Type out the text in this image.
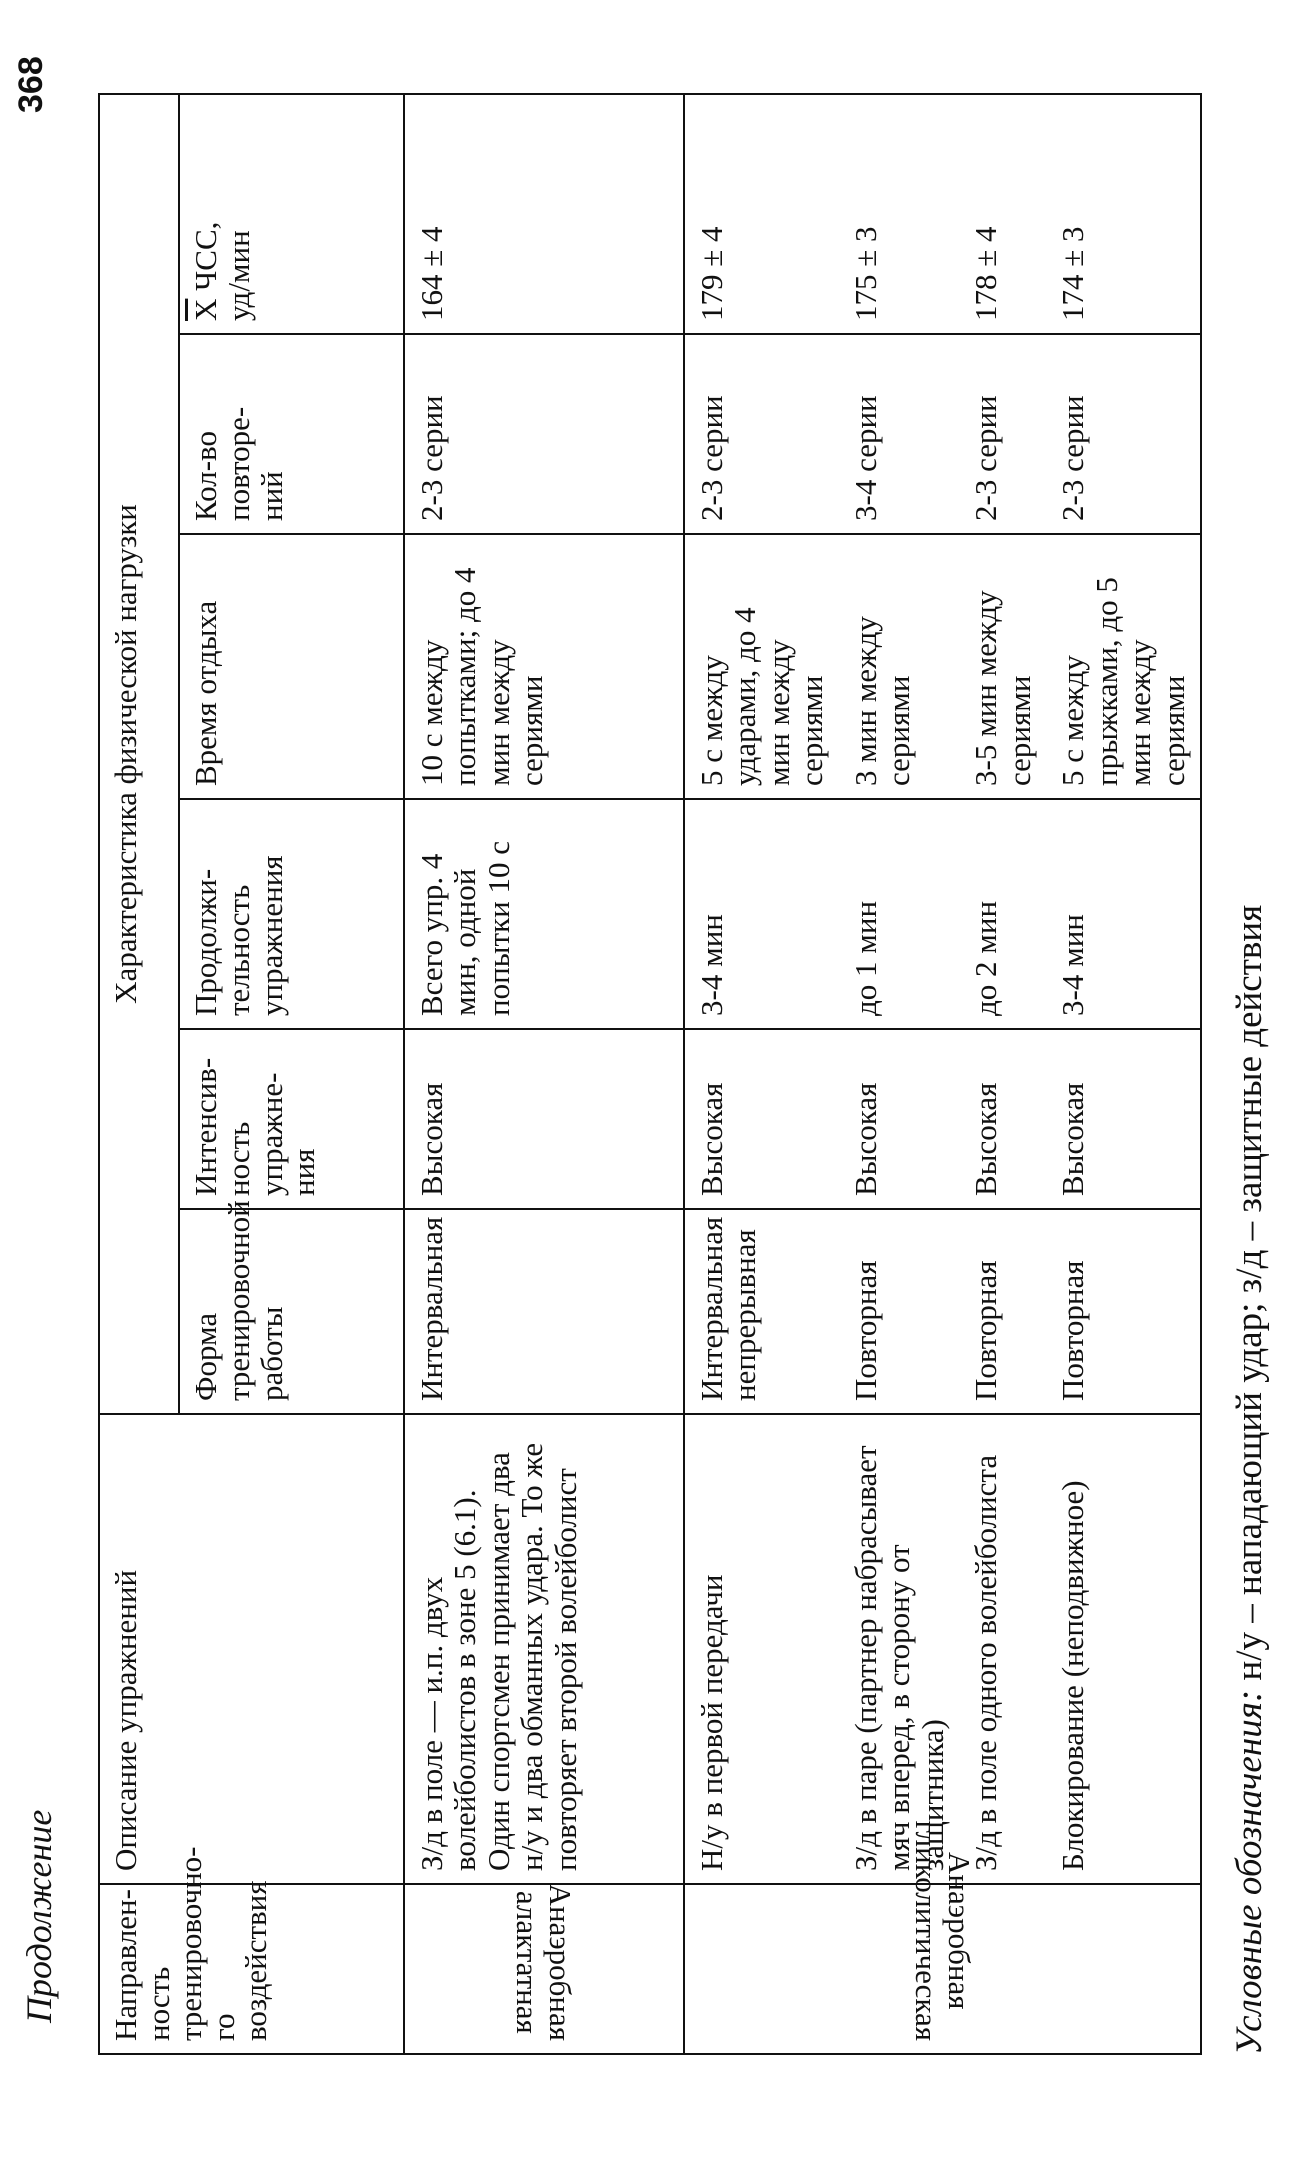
368
Продолжение Направлен-
ность
тренировочно-
го воздействия	Описание упражнений	Характеристика физической нагрузки					
		Форма
тренировочной
работы	Интенсив-
ность
упражне-
ния	Продолжи-
тельность
упражнения	Время отдыха	Кол-во
повторе-
ний	$\overline{X}$ ЧСС,
уд/мин
Анаэробная
алактатная	З/д в поле — и.п. двух волейболистов в зоне 5 (6.1). Один спортсмен принимает два н/у и два обманных удара. То же повторяет второй волейболист	Интервальная	Высокая	Всего упр. 4 мин, одной попытки 10 с	10 с между попытками; до 4 мин между сериями	2-3 серии	164 ± 4
Анаэробная
гликолитическая	Н/у в первой передачи	Интервальная непрерывная	Высокая	3-4 мин	5 с между ударами, до 4 мин между сериями	2-3 серии	179 ± 4
	З/д в паре (партнер набрасывает мяч вперед, в сторону от защитника)	Повторная	Высокая	до 1 мин	3 мин между сериями	3-4 серии	175 ± 3
	З/д в поле одного волейболиста	Повторная	Высокая	до 2 мин	3-5 мин между сериями	2-3 серии	178 ± 4
	Блокирование (неподвижное)	Повторная	Высокая	3-4 мин	5 с между прыжками, до 5 мин между сериями	2-3 серии	174 ± 3
Условные обозначения: н/у – нападающий удар; з/д – защитные действия
